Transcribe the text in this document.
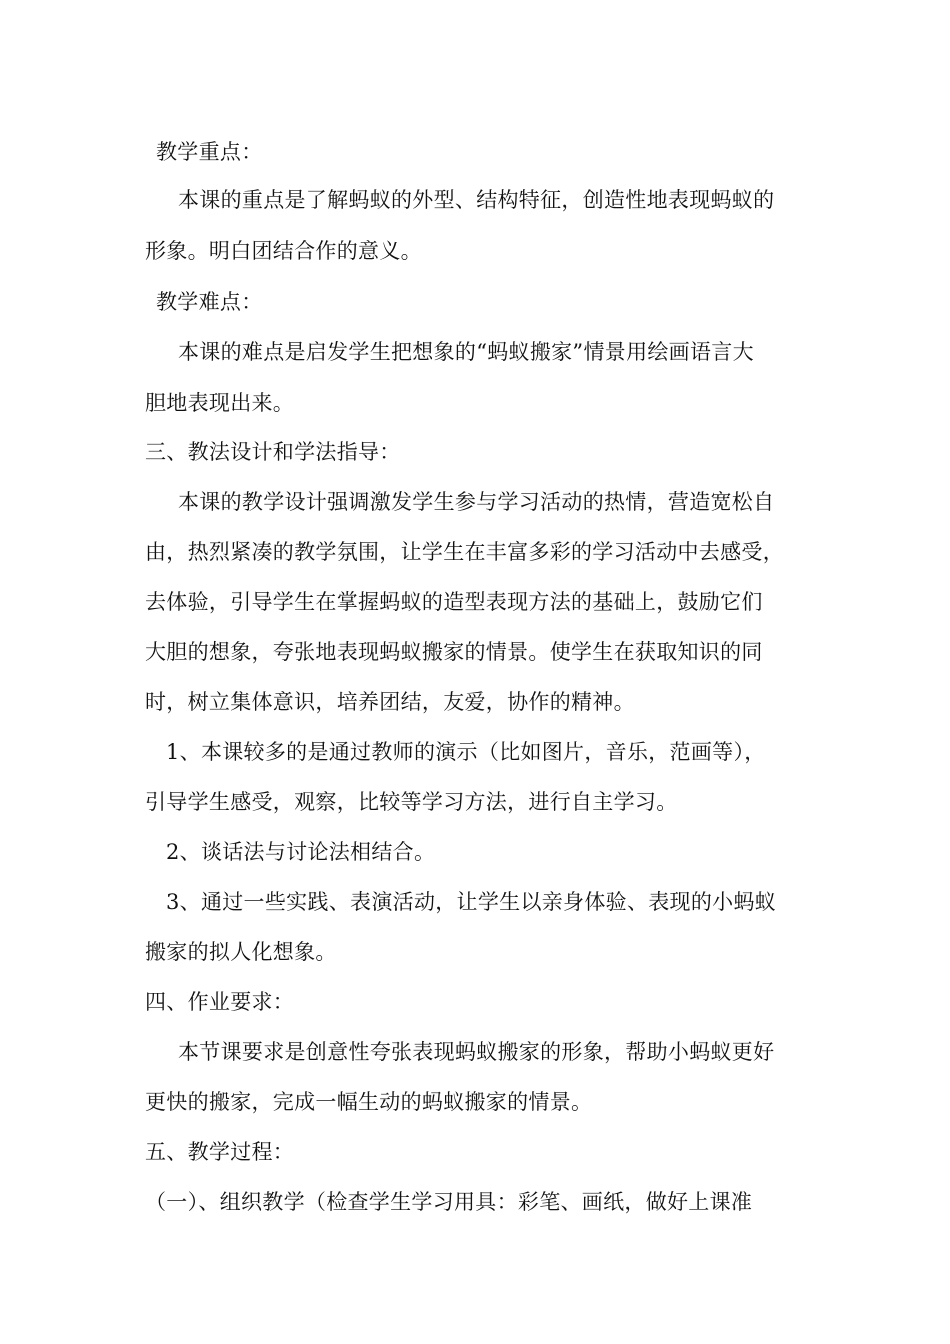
教学重点：
本课的重点是了解蚂蚁的外型、结构特征，创造性地表现蚂蚁的
形象。明白团结合作的意义。
教学难点：
本课的难点是启发学生把想象的“蚂蚁搬家”情景用绘画语言大
胆地表现出来。
三、教法设计和学法指导：
本课的教学设计强调激发学生参与学习活动的热情，营造宽松自
由，热烈紧凑的教学氛围，让学生在丰富多彩的学习活动中去感受，
去体验，引导学生在掌握蚂蚁的造型表现方法的基础上，鼓励它们
大胆的想象，夸张地表现蚂蚁搬家的情景。使学生在获取知识的同
时，树立集体意识，培养团结，友爱，协作的精神。
1、本课较多的是通过教师的演示（比如图片，音乐，范画等），
引导学生感受，观察，比较等学习方法，进行自主学习。
2、谈话法与讨论法相结合。
3、通过一些实践、表演活动，让学生以亲身体验、表现的小蚂蚁
搬家的拟人化想象。
四、作业要求：
本节课要求是创意性夸张表现蚂蚁搬家的形象，帮助小蚂蚁更好
更快的搬家，完成一幅生动的蚂蚁搬家的情景。
五、教学过程：
（一）、组织教学（检查学生学习用具：彩笔、画纸，做好上课准
